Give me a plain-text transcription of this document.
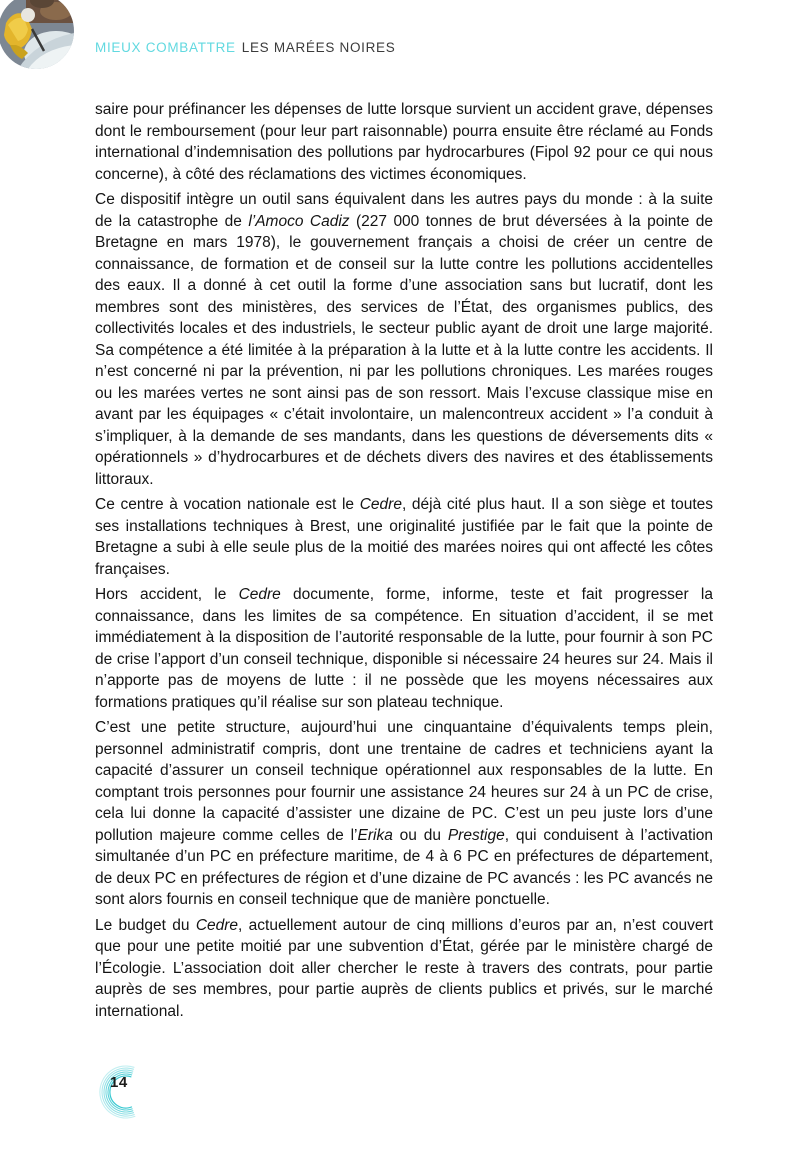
MIEUX COMBATTRE LES MARÉES NOIRES

saire pour préfinancer les dépenses de lutte lorsque survient un accident grave, dépenses dont le remboursement (pour leur part raisonnable) pourra ensuite être réclamé au Fonds international d’indemnisation des pollutions par hydrocarbures (Fipol 92 pour ce qui nous concerne), à côté des réclamations des victimes économiques.

Ce dispositif intègre un outil sans équivalent dans les autres pays du monde : à la suite de la catastrophe de l’Amoco Cadiz (227 000 tonnes de brut déversées à la pointe de Bretagne en mars 1978), le gouvernement français a choisi de créer un centre de connaissance, de formation et de conseil sur la lutte contre les pollutions accidentelles des eaux. Il a donné à cet outil la forme d’une association sans but lucratif, dont les membres sont des ministères, des services de l’État, des organismes publics, des collectivités locales et des industriels, le secteur public ayant de droit une large majorité. Sa compétence a été limitée à la préparation à la lutte et à la lutte contre les accidents. Il n’est concerné ni par la prévention, ni par les pollutions chroniques. Les marées rouges ou les marées vertes ne sont ainsi pas de son ressort. Mais l’excuse classique mise en avant par les équipages « c’était involontaire, un malencontreux accident » l’a conduit à s’impliquer, à la demande de ses mandants, dans les questions de déversements dits « opérationnels » d’hydrocarbures et de déchets divers des navires et des établissements littoraux.

Ce centre à vocation nationale est le Cedre, déjà cité plus haut. Il a son siège et toutes ses installations techniques à Brest, une originalité justifiée par le fait que la pointe de Bretagne a subi à elle seule plus de la moitié des marées noires qui ont affecté les côtes françaises.

Hors accident, le Cedre documente, forme, informe, teste et fait progresser la connaissance, dans les limites de sa compétence. En situation d’accident, il se met immédiatement à la disposition de l’autorité responsable de la lutte, pour fournir à son PC de crise l’apport d’un conseil technique, disponible si nécessaire 24 heures sur 24. Mais il n’apporte pas de moyens de lutte : il ne possède que les moyens nécessaires aux formations pratiques qu’il réalise sur son plateau technique.

C’est une petite structure, aujourd’hui une cinquantaine d’équivalents temps plein, personnel administratif compris, dont une trentaine de cadres et techniciens ayant la capacité d’assurer un conseil technique opérationnel aux responsables de la lutte. En comptant trois personnes pour fournir une assistance 24 heures sur 24 à un PC de crise, cela lui donne la capacité d’assister une dizaine de PC. C’est un peu juste lors d’une pollution majeure comme celles de l’Erika ou du Prestige, qui conduisent à l’activation simultanée d’un PC en préfecture maritime, de 4 à 6 PC en préfectures de département, de deux PC en préfectures de région et d’une dizaine de PC avancés : les PC avancés ne sont alors fournis en conseil technique que de manière ponctuelle.

Le budget du Cedre, actuellement autour de cinq millions d’euros par an, n’est couvert que pour une petite moitié par une subvention d’État, gérée par le ministère chargé de l’Écologie. L’association doit aller chercher le reste à travers des contrats, pour partie auprès de ses membres, pour partie auprès de clients publics et privés, sur le marché international.

14
